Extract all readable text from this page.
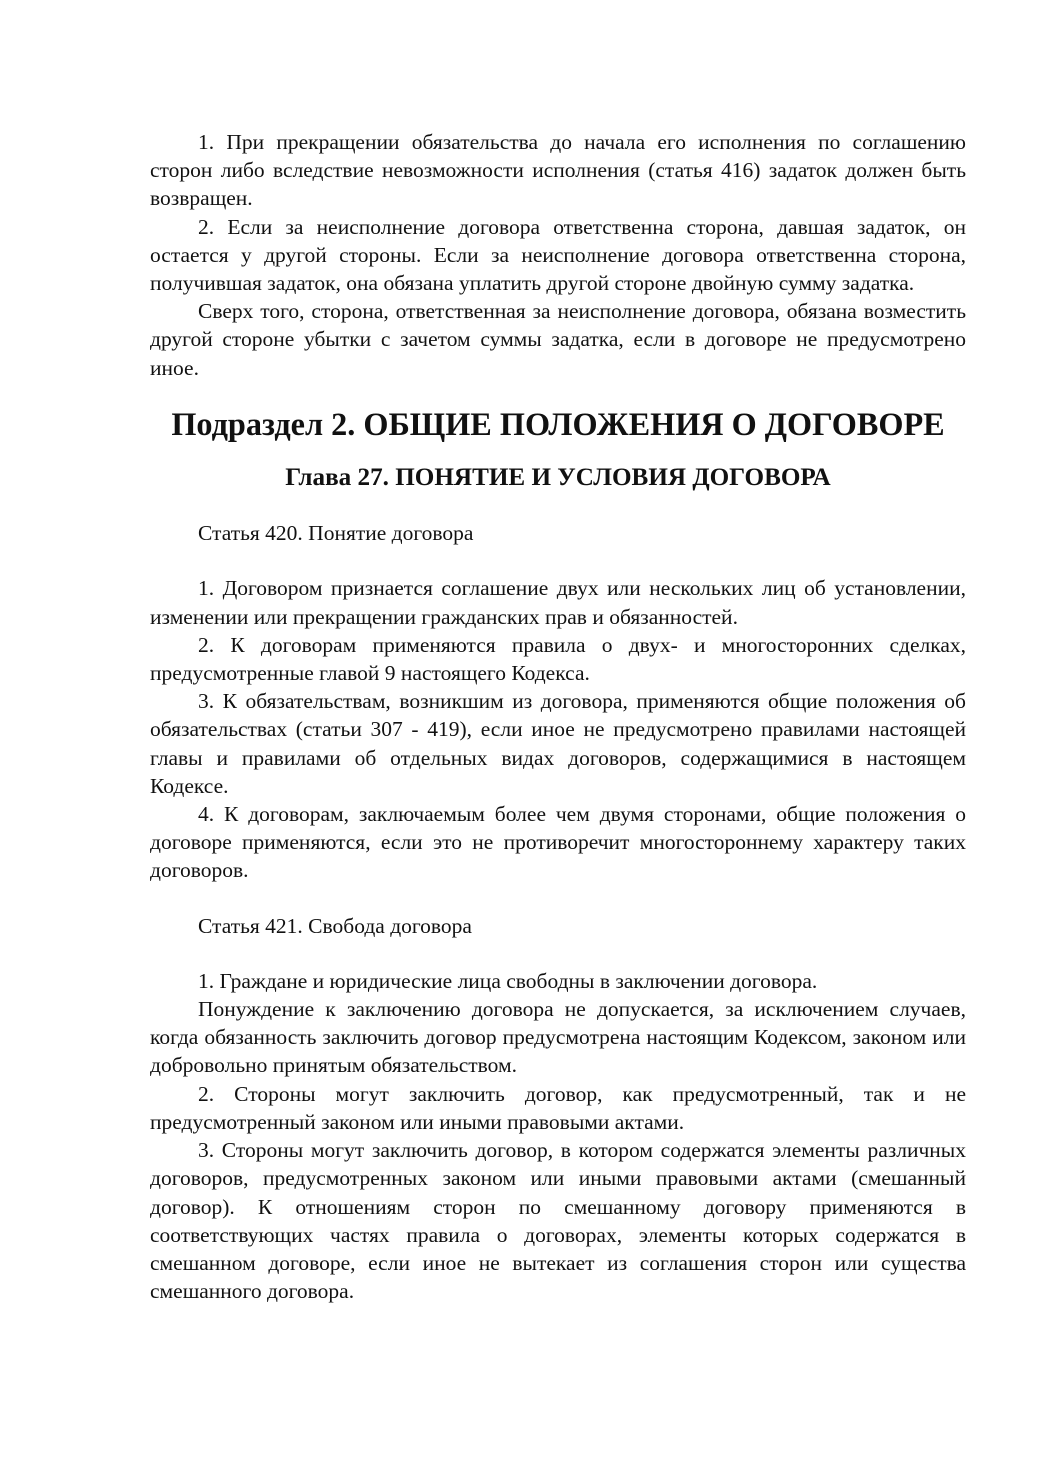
1. При прекращении обязательства до начала его исполнения по соглашению сторон либо вследствие невозможности исполнения (статья 416) задаток должен быть возвращен.

2. Если за неисполнение договора ответственна сторона, давшая задаток, он остается у другой стороны. Если за неисполнение договора ответственна сторона, получившая задаток, она обязана уплатить другой стороне двойную сумму задатка.

Сверх того, сторона, ответственная за неисполнение договора, обязана возместить другой стороне убытки с зачетом суммы задатка, если в договоре не предусмотрено иное.

Подраздел 2. ОБЩИЕ ПОЛОЖЕНИЯ О ДОГОВОРЕ
Глава 27. ПОНЯТИЕ И УСЛОВИЯ ДОГОВОРА

Статья 420. Понятие договора

1. Договором признается соглашение двух или нескольких лиц об установлении, изменении или прекращении гражданских прав и обязанностей.

2. К договорам применяются правила о двух- и многосторонних сделках, предусмотренные главой 9 настоящего Кодекса.

3. К обязательствам, возникшим из договора, применяются общие положения об обязательствах (статьи 307 - 419), если иное не предусмотрено правилами настоящей главы и правилами об отдельных видах договоров, содержащимися в настоящем Кодексе.

4. К договорам, заключаемым более чем двумя сторонами, общие положения о договоре применяются, если это не противоречит многостороннему характеру таких договоров.

Статья 421. Свобода договора

1. Граждане и юридические лица свободны в заключении договора.

Понуждение к заключению договора не допускается, за исключением случаев, когда обязанность заключить договор предусмотрена настоящим Кодексом, законом или добровольно принятым обязательством.

2. Стороны могут заключить договор, как предусмотренный, так и не предусмотренный законом или иными правовыми актами.

3. Стороны могут заключить договор, в котором содержатся элементы различных договоров, предусмотренных законом или иными правовыми актами (смешанный договор). К отношениям сторон по смешанному договору применяются в соответствующих частях правила о договорах, элементы которых содержатся в смешанном договоре, если иное не вытекает из соглашения сторон или существа смешанного договора.
